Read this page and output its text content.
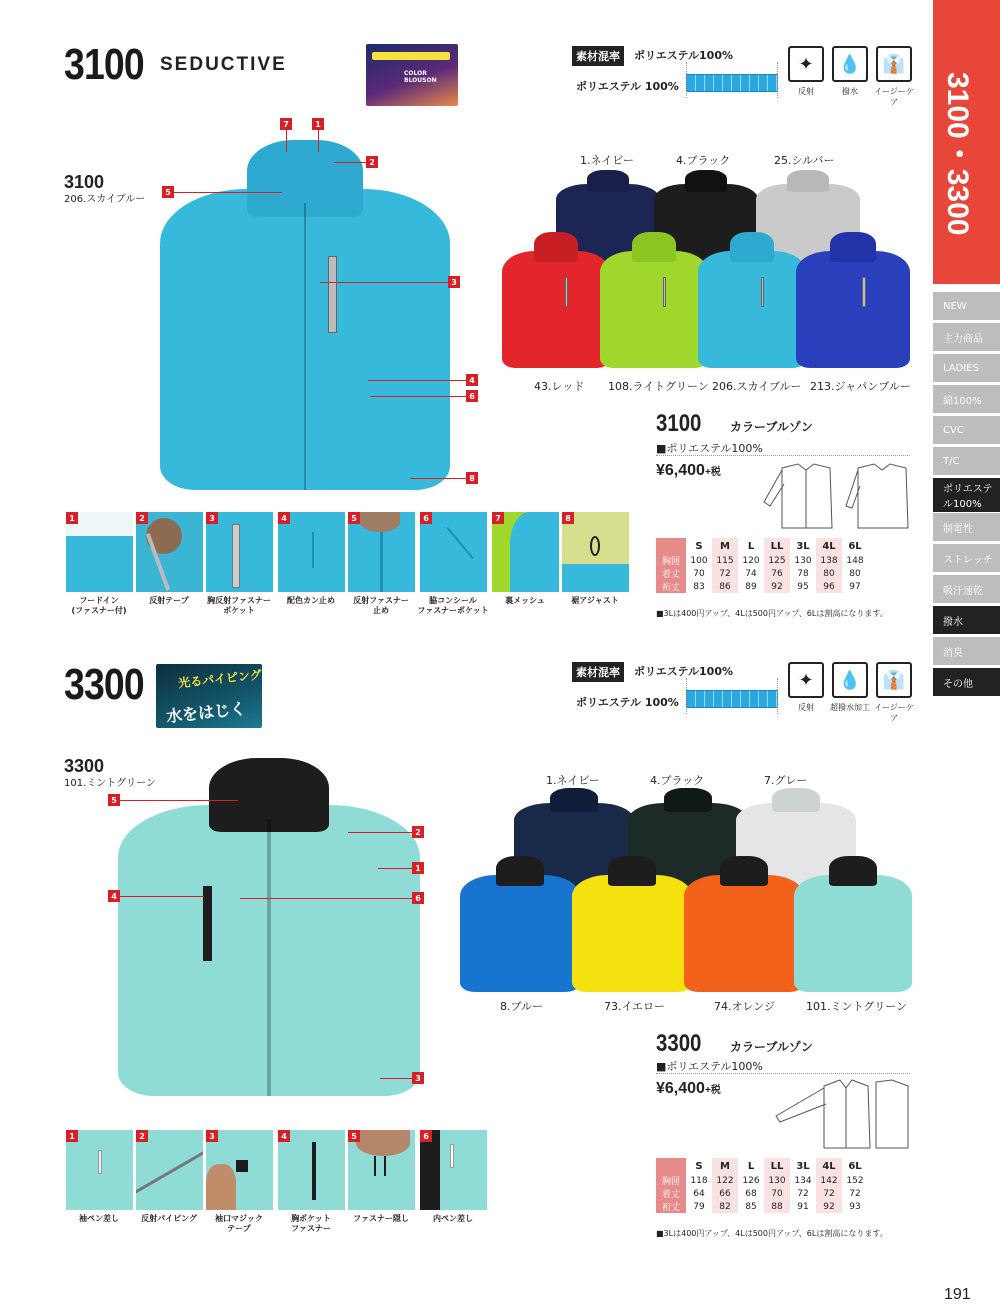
3100 SEDUCTIVE	COLOR BLOUSON
素材混率	ポリエステル100%
ポリエステル 100%
✦	💧	👔
反射	撥水	イージーケア
3100
206.スカイブルー
7	1
2
5
3
4
6
8
1.ネイビー	4.ブラック	25.シルバー
43.レッド 108.ライトグリーン 206.スカイブルー 213.ジャパンブルー
3100 カラーブルゾン
■ポリエステル100%
¥6,400+税
	S	M	L	LL	3L	4L	6L
胸囲	100	115	120	125	130	138	148
着丈	70	72	74	76	78	80	80
裄丈	83	86	89	92	95	96	97
■3Lは400円アップ、4Lは500円アップ、6Lは割高になります。
1	2	3	4	5	6	7	8
フードイン
(ファスナー付)
反射テープ	胸反射ファスナー
ポケット
配色カン止め	反射ファスナー
止め
脇コンシール
ファスナーポケット
裏メッシュ	裾アジャスト
3300	光るパイピング
水をはじく
素材混率	ポリエステル100%
ポリエステル 100%
✦	💧	👔
反射	超撥水加工 イージーケア
3300
101.ミントグリーン
5
2
1
4	6
3
1.ネイビー	4.ブラック	7.グレー
8.ブルー	73.イエロー	74.オレンジ	101.ミントグリーン
3300 カラーブルゾン
■ポリエステル100%
¥6,400+税
	S	M	L	LL	3L	4L	6L
胸囲	118	122	126	130	134	142	152
着丈	64	66	68	70	72	72	72
裄丈	79	82	85	88	91	92	93
■3Lは400円アップ、4Lは500円アップ、6Lは割高になります。
1	2	3	4	5	6
袖ペン差し	反射パイピング	袖口マジック
テープ
胸ポケット
ファスナー
ファスナー隠し	内ペン差し
3100・3300
NEW
主力商品
LADIES
綿100%
CVC
T/C
ポリエステル100%
制電性
ストレッチ
吸汗速乾
撥水
消臭
その他
191
